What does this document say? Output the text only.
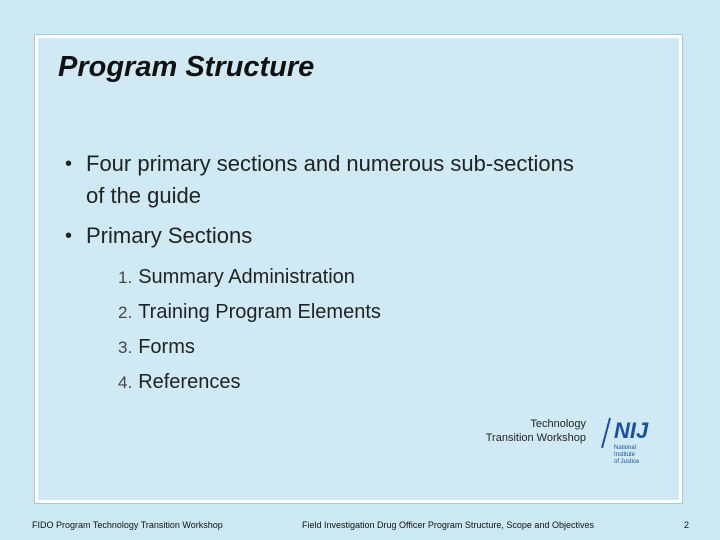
Program Structure
• Four primary sections and numerous sub-sections
of the guide
• Primary Sections
1. Summary Administration
2. Training Program Elements
3. Forms
4. References
Technology
Transition Workshop NIJ
National
Institute
of Justice
FIDO Program Technology Transition Workshop	Field Investigation Drug Officer Program Structure, Scope and Objectives	2
